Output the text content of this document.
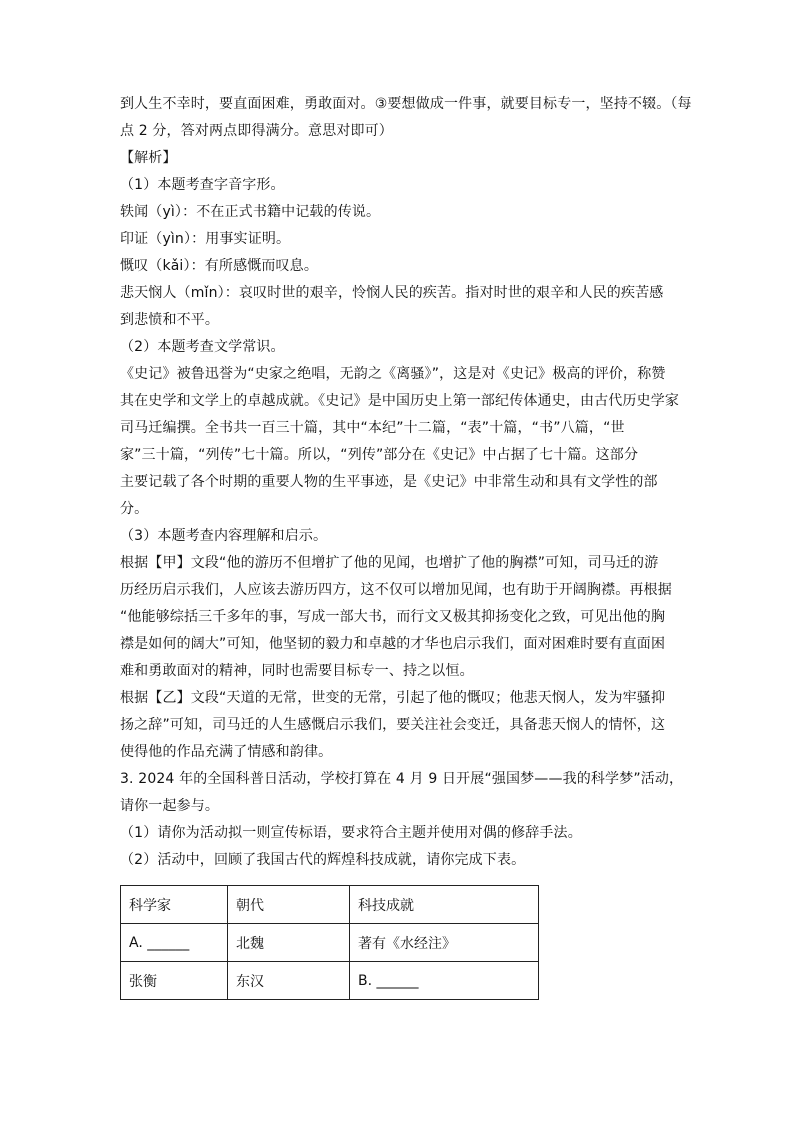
到人生不幸时，要直面困难，勇敢面对。③要想做成一件事，就要目标专一，坚持不辍。（每
点 2 分，答对两点即得满分。意思对即可）
【解析】
（1）本题考查字音字形。
轶闻（yì）：不在正式书籍中记载的传说。
印证（yìn）：用事实证明。
慨叹（kǎi）：有所感慨而叹息。
悲天悯人（mǐn）：哀叹时世的艰辛，怜悯人民的疾苦。指对时世的艰辛和人民的疾苦感
到悲愤和不平。
（2）本题考查文学常识。
《史记》被鲁迅誉为“史家之绝唱，无韵之《离骚》”，这是对《史记》极高的评价，称赞
其在史学和文学上的卓越成就。《史记》是中国历史上第一部纪传体通史，由古代历史学家
司马迁编撰。全书共一百三十篇，其中“本纪”十二篇，“表”十篇，“书”八篇，“世
家”三十篇，“列传”七十篇。所以，“列传”部分在《史记》中占据了七十篇。这部分
主要记载了各个时期的重要人物的生平事迹，是《史记》中非常生动和具有文学性的部
分。
（3）本题考查内容理解和启示。
根据【甲】文段“他的游历不但增扩了他的见闻，也增扩了他的胸襟”可知，司马迁的游
历经历启示我们，人应该去游历四方，这不仅可以增加见闻，也有助于开阔胸襟。再根据
“他能够综括三千多年的事，写成一部大书，而行文又极其抑扬变化之致，可见出他的胸
襟是如何的阔大”可知，他坚韧的毅力和卓越的才华也启示我们，面对困难时要有直面困
难和勇敢面对的精神，同时也需要目标专一、持之以恒。
根据【乙】文段“天道的无常，世变的无常，引起了他的慨叹；他悲天悯人，发为牢骚抑
扬之辞”可知，司马迁的人生感慨启示我们，要关注社会变迁，具备悲天悯人的情怀，这
使得他的作品充满了情感和韵律。
3. 2024 年的全国科普日活动，学校打算在 4 月 9 日开展“强国梦——我的科学梦”活动，
请你一起参与。
（1）请你为活动拟一则宣传标语，要求符合主题并使用对偶的修辞手法。
（2）活动中，回顾了我国古代的辉煌科技成就，请你完成下表。
科学家	朝代	科技成就
A. ______	北魏	著有《水经注》
张衡	东汉	B. ______
